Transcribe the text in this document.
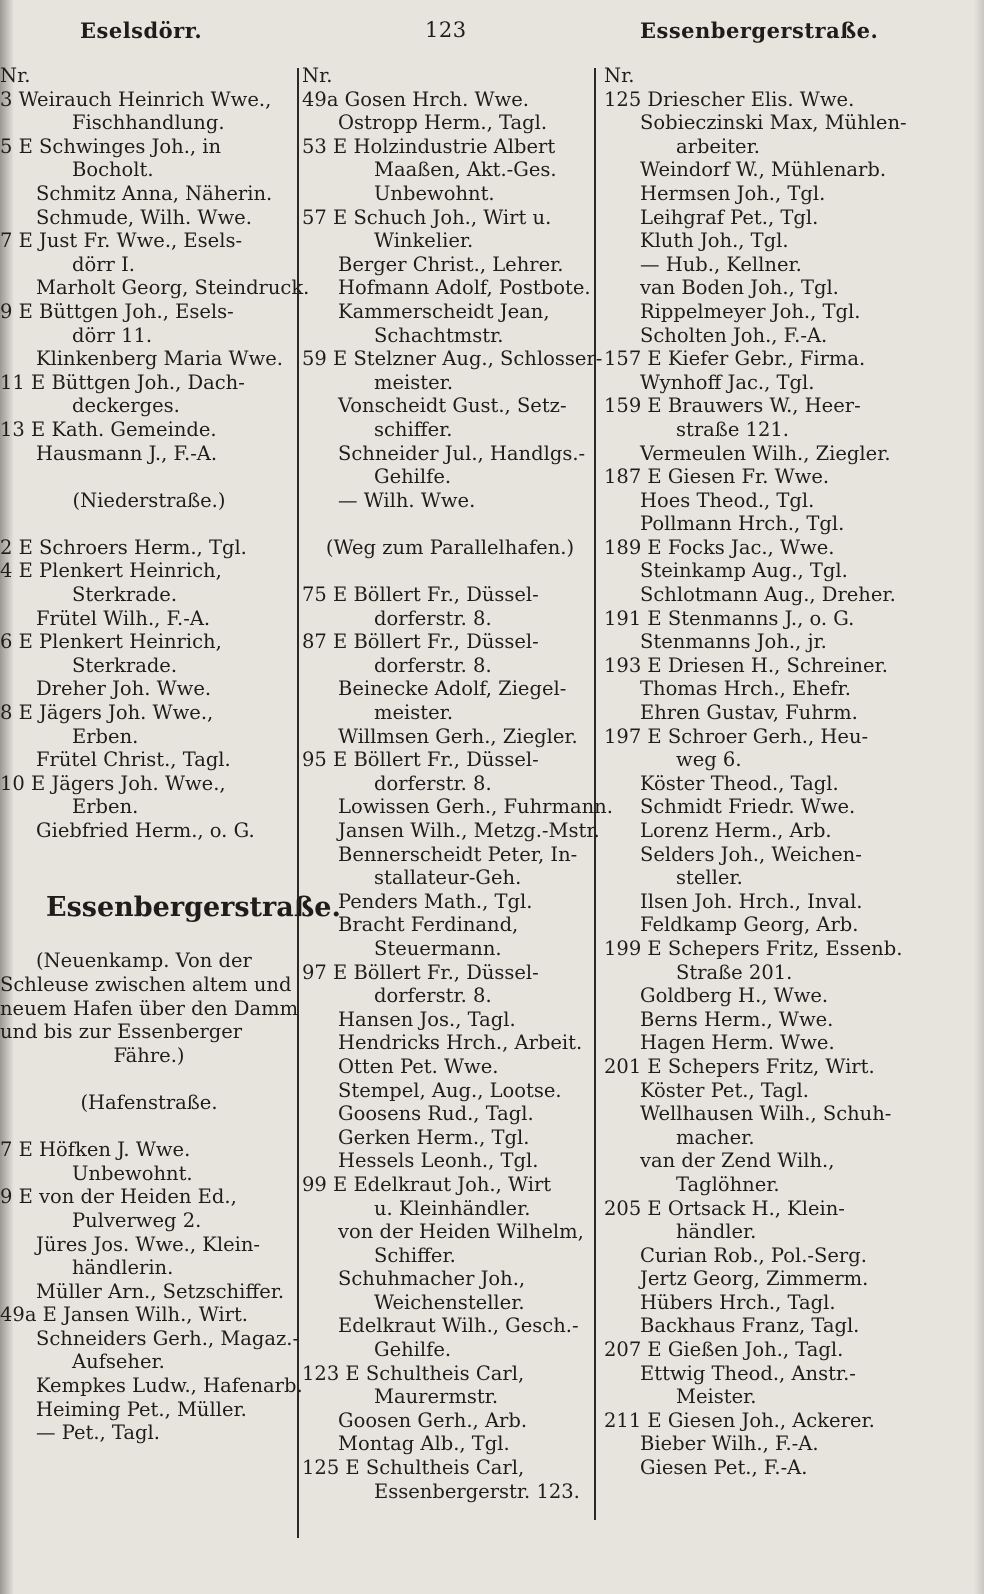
Eselsdörr.	123	Essenbergerstraße.
Nr.
3 Weirauch Heinrich Wwe.,
Fischhandlung.
5 E Schwinges Joh., in
Bocholt.
Schmitz Anna, Näherin.
Schmude, Wilh. Wwe.
7 E Just Fr. Wwe., Esels-
dörr I.
Marholt Georg, Steindruck.
9 E Büttgen Joh., Esels-
dörr 11.
Klinkenberg Maria Wwe.
11 E Büttgen Joh., Dach-
deckerges.
13 E Kath. Gemeinde.
Hausmann J., F.-A.
(Niederstraße.)
2 E Schroers Herm., Tgl.
4 E Plenkert Heinrich,
Sterkrade.
Frütel Wilh., F.-A.
6 E Plenkert Heinrich,
Sterkrade.
Dreher Joh. Wwe.
8 E Jägers Joh. Wwe.,
Erben.
Frütel Christ., Tagl.
10 E Jägers Joh. Wwe.,
Erben.
Giebfried Herm., o. G.
Essenbergerstraße.
(Neuenkamp. Von der
Schleuse zwischen altem und
neuem Hafen über den Damm
und bis zur Essenberger
Fähre.)
(Hafenstraße.
7 E Höfken J. Wwe.
Unbewohnt.
9 E von der Heiden Ed.,
Pulverweg 2.
Jüres Jos. Wwe., Klein-
händlerin.
Müller Arn., Setzschiffer.
49a E Jansen Wilh., Wirt.
Schneiders Gerh., Magaz.-
Aufseher.
Kempkes Ludw., Hafenarb.
Heiming Pet., Müller.
— Pet., Tagl.
Nr.
49a Gosen Hrch. Wwe.
Ostropp Herm., Tagl.
53 E Holzindustrie Albert
Maaßen, Akt.-Ges.
Unbewohnt.
57 E Schuch Joh., Wirt u.
Winkelier.
Berger Christ., Lehrer.
Hofmann Adolf, Postbote.
Kammerscheidt Jean,
Schachtmstr.
59 E Stelzner Aug., Schlosser-
meister.
Vonscheidt Gust., Setz-
schiffer.
Schneider Jul., Handlgs.-
Gehilfe.
— Wilh. Wwe.
(Weg zum Parallelhafen.)
75 E Böllert Fr., Düssel-
dorferstr. 8.
87 E Böllert Fr., Düssel-
dorferstr. 8.
Beinecke Adolf, Ziegel-
meister.
Willmsen Gerh., Ziegler.
95 E Böllert Fr., Düssel-
dorferstr. 8.
Lowissen Gerh., Fuhrmann.
Jansen Wilh., Metzg.-Mstr.
Bennerscheidt Peter, In-
stallateur-Geh.
Penders Math., Tgl.
Bracht Ferdinand,
Steuermann.
97 E Böllert Fr., Düssel-
dorferstr. 8.
Hansen Jos., Tagl.
Hendricks Hrch., Arbeit.
Otten Pet. Wwe.
Stempel, Aug., Lootse.
Goosens Rud., Tagl.
Gerken Herm., Tgl.
Hessels Leonh., Tgl.
99 E Edelkraut Joh., Wirt
u. Kleinhändler.
von der Heiden Wilhelm,
Schiffer.
Schuhmacher Joh.,
Weichensteller.
Edelkraut Wilh., Gesch.-
Gehilfe.
123 E Schultheis Carl,
Maurermstr.
Goosen Gerh., Arb.
Montag Alb., Tgl.
125 E Schultheis Carl,
Essenbergerstr. 123.
Nr.
125 Driescher Elis. Wwe.
Sobieczinski Max, Mühlen-
arbeiter.
Weindorf W., Mühlenarb.
Hermsen Joh., Tgl.
Leihgraf Pet., Tgl.
Kluth Joh., Tgl.
— Hub., Kellner.
van Boden Joh., Tgl.
Rippelmeyer Joh., Tgl.
Scholten Joh., F.-A.
157 E Kiefer Gebr., Firma.
Wynhoff Jac., Tgl.
159 E Brauwers W., Heer-
straße 121.
Vermeulen Wilh., Ziegler.
187 E Giesen Fr. Wwe.
Hoes Theod., Tgl.
Pollmann Hrch., Tgl.
189 E Focks Jac., Wwe.
Steinkamp Aug., Tgl.
Schlotmann Aug., Dreher.
191 E Stenmanns J., o. G.
Stenmanns Joh., jr.
193 E Driesen H., Schreiner.
Thomas Hrch., Ehefr.
Ehren Gustav, Fuhrm.
197 E Schroer Gerh., Heu-
weg 6.
Köster Theod., Tagl.
Schmidt Friedr. Wwe.
Lorenz Herm., Arb.
Selders Joh., Weichen-
steller.
Ilsen Joh. Hrch., Inval.
Feldkamp Georg, Arb.
199 E Schepers Fritz, Essenb.
Straße 201.
Goldberg H., Wwe.
Berns Herm., Wwe.
Hagen Herm. Wwe.
201 E Schepers Fritz, Wirt.
Köster Pet., Tagl.
Wellhausen Wilh., Schuh-
macher.
van der Zend Wilh.,
Taglöhner.
205 E Ortsack H., Klein-
händler.
Curian Rob., Pol.-Serg.
Jertz Georg, Zimmerm.
Hübers Hrch., Tagl.
Backhaus Franz, Tagl.
207 E Gießen Joh., Tagl.
Ettwig Theod., Anstr.-
Meister.
211 E Giesen Joh., Ackerer.
Bieber Wilh., F.-A.
Giesen Pet., F.-A.
